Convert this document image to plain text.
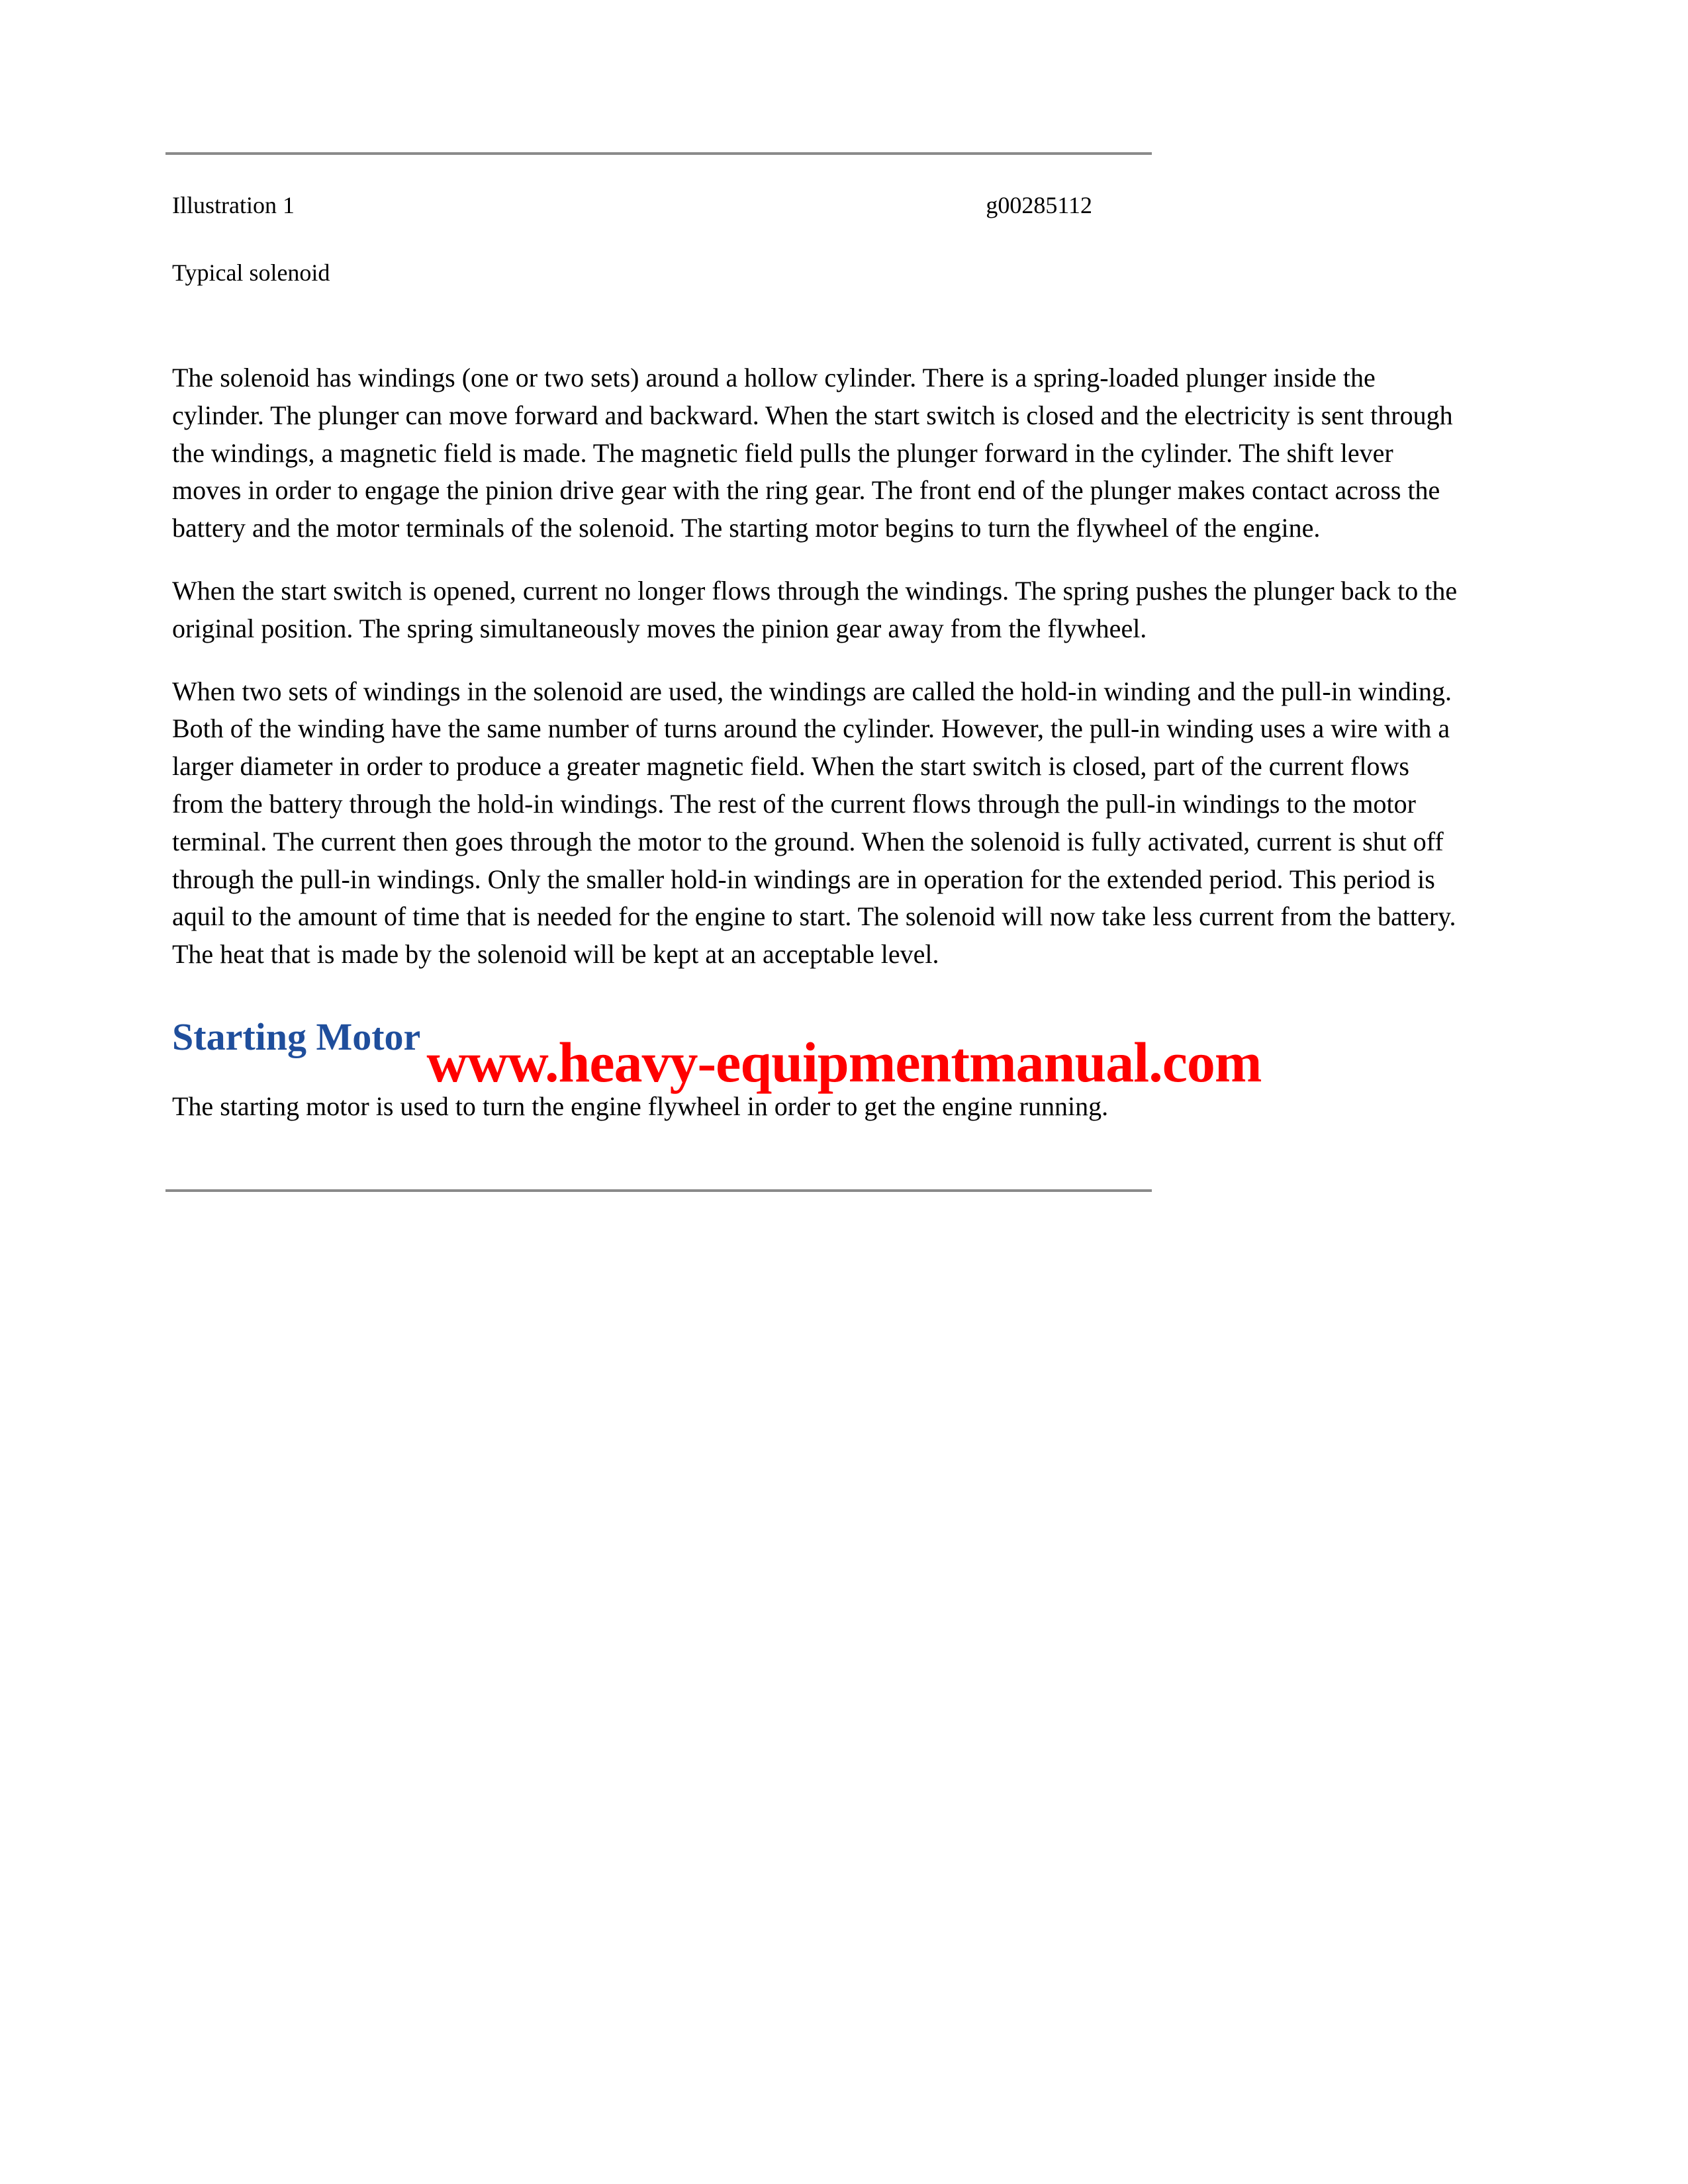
Illustration 1	g00285112
Typical solenoid

The solenoid has windings (one or two sets) around a hollow cylinder. There is a spring-loaded plunger inside the cylinder. The plunger can move forward and backward. When the start switch is closed and the electricity is sent through the windings, a magnetic field is made. The magnetic field pulls the plunger forward in the cylinder. The shift lever moves in order to engage the pinion drive gear with the ring gear. The front end of the plunger makes contact across the battery and the motor terminals of the solenoid. The starting motor begins to turn the flywheel of the engine.

When the start switch is opened, current no longer flows through the windings. The spring pushes the plunger back to the original position. The spring simultaneously moves the pinion gear away from the flywheel.

When two sets of windings in the solenoid are used, the windings are called the hold-in winding and the pull-in winding. Both of the winding have the same number of turns around the cylinder. However, the pull-in winding uses a wire with a larger diameter in order to produce a greater magnetic field. When the start switch is closed, part of the current flows from the battery through the hold-in windings. The rest of the current flows through the pull-in windings to the motor terminal. The current then goes through the motor to the ground. When the solenoid is fully activated, current is shut off through the pull-in windings. Only the smaller hold-in windings are in operation for the extended period. This period is aquil to the amount of time that is needed for the engine to start. The solenoid will now take less current from the battery. The heat that is made by the solenoid will be kept at an acceptable level.

Starting Motor

The starting motor is used to turn the engine flywheel in order to get the engine running.

www.heavy-equipmentmanual.com
